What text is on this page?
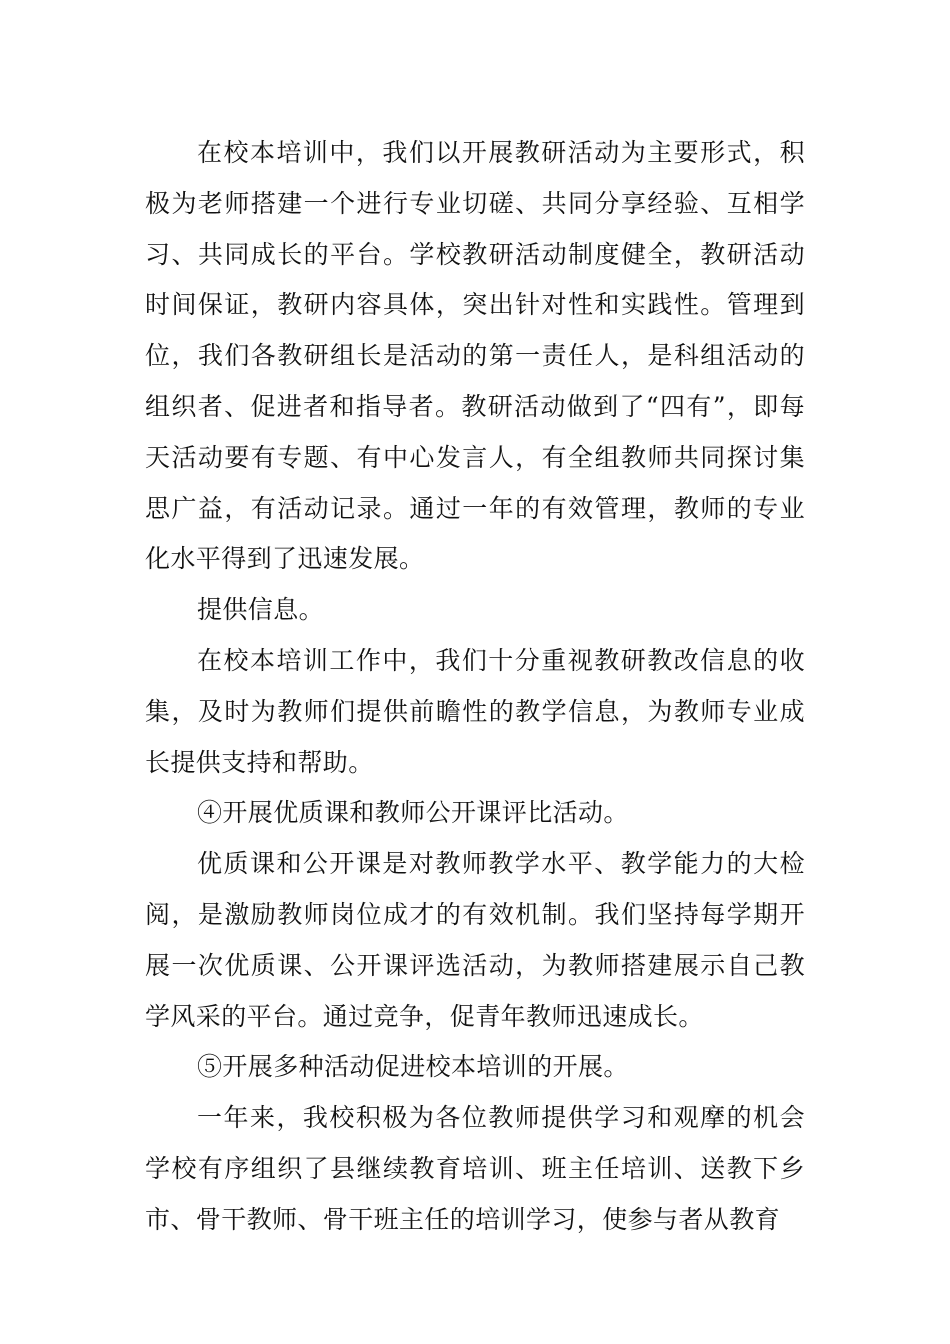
在校本培训中，我们以开展教研活动为主要形式，积极为老师搭建一个进行专业切磋、共同分享经验、互相学习、共同成长的平台。学校教研活动制度健全，教研活动时间保证，教研内容具体，突出针对性和实践性。管理到位，我们各教研组长是活动的第一责任人，是科组活动的组织者、促进者和指导者。教研活动做到了“四有”，即每天活动要有专题、有中心发言人，有全组教师共同探讨集思广益，有活动记录。通过一年的有效管理，教师的专业化水平得到了迅速发展。

提供信息。

在校本培训工作中，我们十分重视教研教改信息的收集，及时为教师们提供前瞻性的教学信息，为教师专业成长提供支持和帮助。

④开展优质课和教师公开课评比活动。

优质课和公开课是对教师教学水平、教学能力的大检阅，是激励教师岗位成才的有效机制。我们坚持每学期开展一次优质课、公开课评选活动，为教师搭建展示自己教学风采的平台。通过竞争，促青年教师迅速成长。

⑤开展多种活动促进校本培训的开展。

一年来，我校积极为各位教师提供学习和观摩的机会学校有序组织了县继续教育培训、班主任培训、送教下乡市、骨干教师、骨干班主任的培训学习，使参与者从教育
